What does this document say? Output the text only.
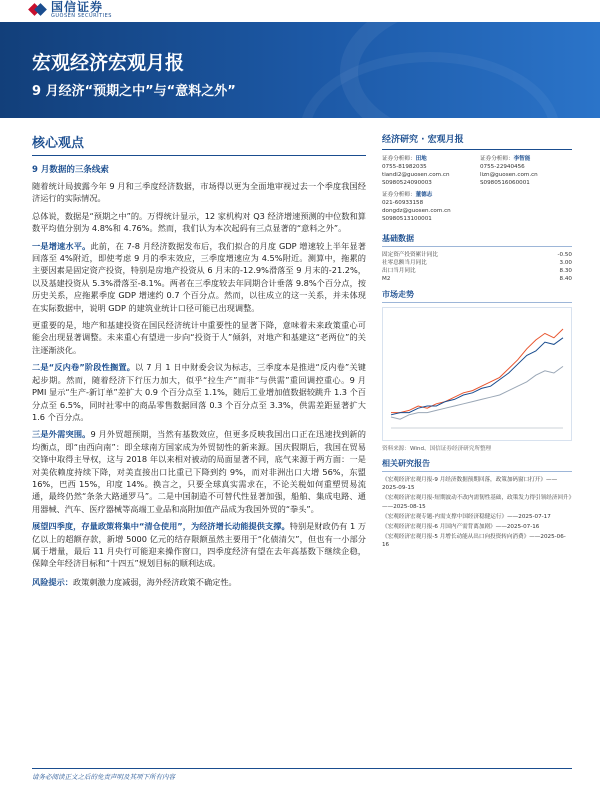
国信证券
GUOSEN SECURITIES
宏观经济宏观月报
9 月经济“预期之中”与“意料之外”
核心观点
9 月数据的三条线索

随着统计局披露今年 9 月和三季度经济数据，市场得以更为全面地审视过去一个季度我国经济运行的实际情况。

总体说，数据是“预期之中”的。万得统计显示，12 家机构对 Q3 经济增速预测的中位数和算数平均值分别为 4.8%和 4.76%。然而，我们认为本次起码有三点显著的“意料之外”。

一是增速水平。此前，在 7-8 月经济数据发布后，我们拟合的月度 GDP 增速较上半年显著回落至 4%附近，即使考虑 9 月的季末效应，三季度增速应为 4.5%附近。测算中，拖累的主要因素是固定资产投资，特别是房地产投资从 6 月末的-12.9%滑落至 9 月末的-21.2%，以及基建投资从 5.3%滑落至-8.1%。两者在三季度较去年同期合计垂落 9.8%个百分点，按历史关系，应拖累季度 GDP 增速约 0.7 个百分点。然而，以往成立的这一关系，并未体现在实际数据中，说明 GDP 的建筑业统计口径可能已出现调整。

更重要的是，地产和基建投资在国民经济统计中重要性的显著下降，意味着未来政策重心可能会出现显著调整。未来重心有望进一步向“投资于人”倾斜，对地产和基建这“老两位”的关注逐渐淡化。

二是“反内卷”阶段性搁置。以 7 月 1 日中财委会议为标志，三季度本是推进“反内卷”关键起步期。然而，随着经济下行压力加大，似乎“拉生产”而非“与供需”重回调控重心。9 月 PMI 显示“生产-新订单”差扩大 0.9 个百分点至 1.1%，随后工业增加值数据较跳升 1.3 个百分点至 6.5%，同时社零中的商品零售数据回落 0.3 个百分点至 3.3%，供需差距显著扩大 1.6 个百分点。

三是外需突围。9 月外贸超预期，当然有基数效应，但更多反映我国出口正在迅速找到新的均衡点，即“由西向南”：即全球南方国家成为外贸韧性的新来源。国庆假期后，我国在贸易交锋中取得主导权，这与 2018 年以来相对被动的局面显著不同，底气来源于两方面：一是对美依赖度持续下降，对美直接出口比重已下降到约 9%，而对非洲出口大增 56%，东盟 16%，巴西 15%，印度 14%。换言之，只要全球真实需求在，不论关税如何重塑贸易流通，最终仍然“条条大路通罗马”。二是中国制造不可替代性显著加强，船舶、集成电路、通用器械、汽车、医疗器械等高端工业品和高附加值产品成为我国外贸的“拳头”。

展望四季度，存量政策将集中“清仓使用”，为经济增长动能提供支撑。特别是财政仍有 1 万亿以上的超额存款，新增 5000 亿元的结存限额虽然主要用于“化债清欠”，但也有一小部分属于增量，最后 11 月央行可能迎来操作窗口，四季度经济有望在去年高基数下继续企稳，保障全年经济目标和“十四五”规划目标的顺利达成。

风险提示：政策刺激力度减弱，海外经济政策不确定性。

经济研究 · 宏观月报
证券分析师：田地
0755-81982035
tiandi2@guosen.com.cn
S0980524090003
证券分析师：李智能
0755-22940456
lizn@guosen.com.cn
S0980516060001
证券分析师：董德志
021-60933158
dongdz@guosen.com.cn
S0980513100001
基础数据
固定资产投资累计同比	-0.50
社零总额当月同比	3.00
出口当月同比	8.30
M2	8.40
市场走势
资料来源：Wind、国信证券经济研究所整理
相关研究报告
《宏观经济宏观月报-9 月经济数据预期回落，政策加码窗口打开》——2025-09-15
《宏观经济宏观月报-短期波动不改内需韧性基础，政策发力得引领经济回升》——2025-08-15
《宏观经济宏观专题-内需支撑中国经济稳健运行》——2025-07-17
《宏观经济宏观月报-6 月国内产需背离加剧》——2025-07-16
《宏观经济宏观月报-5 月增长动能从出口向投资转向消费》——2025-06-16
请务必阅读正文之后的免责声明及其项下所有内容
